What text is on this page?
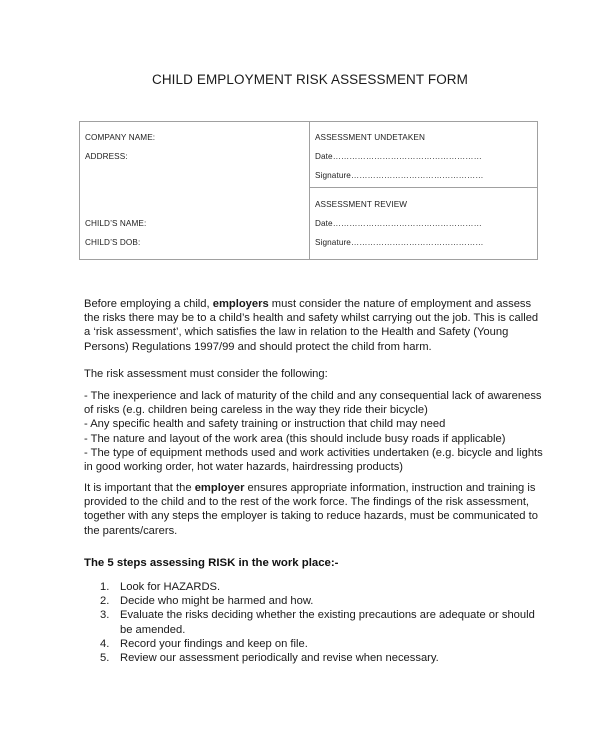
CHILD EMPLOYMENT RISK ASSESSMENT FORM
COMPANY NAME:
ADDRESS:
CHILD’S NAME:
CHILD’S DOB:
ASSESSMENT UNDETAKEN
Date………………………………………………
Signature…………………………………………
ASSESSMENT REVIEW
Date………………………………………………
Signature…………………………………………

Before employing a child, employers must consider the nature of employment and assess the risks there may be to a child’s health and safety whilst carrying out the job. This is called a ‘risk assessment’, which satisfies the law in relation to the Health and Safety (Young Persons) Regulations 1997/99 and should protect the child from harm.

The risk assessment must consider the following:

- The inexperience and lack of maturity of the child and any consequential lack of awareness of risks (e.g. children being careless in the way they ride their bicycle)

- Any specific health and safety training or instruction that child may need

- The nature and layout of the work area (this should include busy roads if applicable)

- The type of equipment methods used and work activities undertaken (e.g. bicycle and lights in good working order, hot water hazards, hairdressing products)

It is important that the employer ensures appropriate information, instruction and training is provided to the child and to the rest of the work force. The findings of the risk assessment, together with any steps the employer is taking to reduce hazards, must be communicated to the parents/carers.

The 5 steps assessing RISK in the work place:-
1. Look for HAZARDS.
2. Decide who might be harmed and how.
3. Evaluate the risks deciding whether the existing precautions are adequate or should be amended.
4. Record your findings and keep on file.
5. Review our assessment periodically and revise when necessary.
